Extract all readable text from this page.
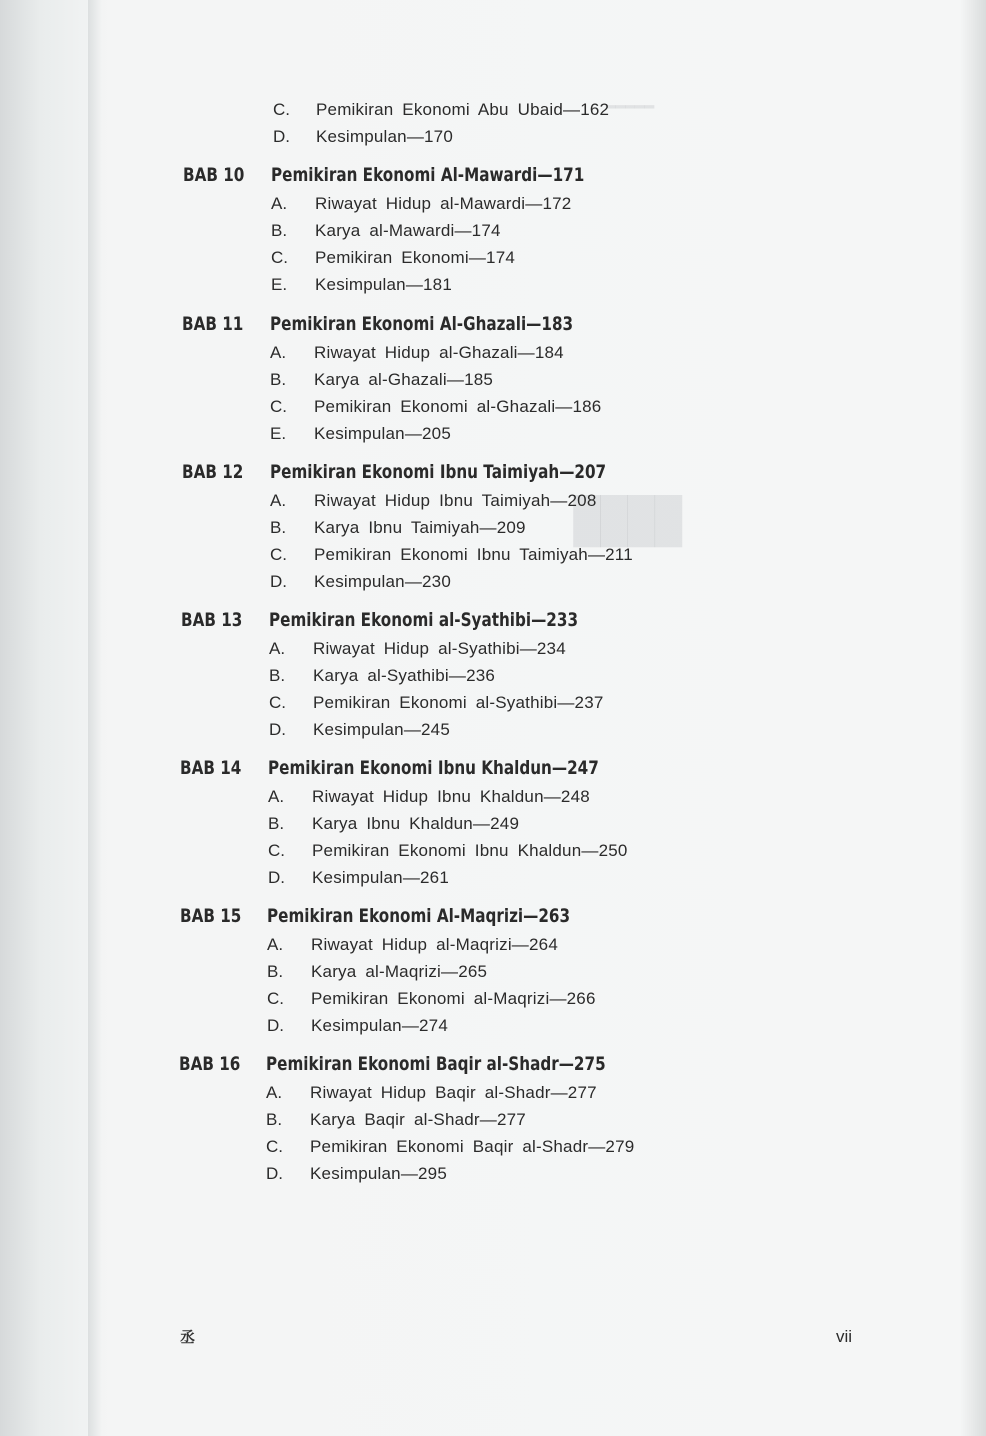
━━━━━
████
C. Pemikiran Ekonomi Abu Ubaid—162
D. Kesimpulan—170
BAB 10 Pemikiran Ekonomi Al-Mawardi—171
A. Riwayat Hidup al-Mawardi—172
B. Karya al-Mawardi—174
C. Pemikiran Ekonomi—174
E. Kesimpulan—181
BAB 11 Pemikiran Ekonomi Al-Ghazali—183
A. Riwayat Hidup al-Ghazali—184
B. Karya al-Ghazali—185
C. Pemikiran Ekonomi al-Ghazali—186
E. Kesimpulan—205
BAB 12 Pemikiran Ekonomi Ibnu Taimiyah—207
A. Riwayat Hidup Ibnu Taimiyah—208
B. Karya Ibnu Taimiyah—209
C. Pemikiran Ekonomi Ibnu Taimiyah—211
D. Kesimpulan—230
BAB 13 Pemikiran Ekonomi al-Syathibi—233
A. Riwayat Hidup al-Syathibi—234
B. Karya al-Syathibi—236
C. Pemikiran Ekonomi al-Syathibi—237
D. Kesimpulan—245
BAB 14 Pemikiran Ekonomi Ibnu Khaldun—247
A. Riwayat Hidup Ibnu Khaldun—248
B. Karya Ibnu Khaldun—249
C. Pemikiran Ekonomi Ibnu Khaldun—250
D. Kesimpulan—261
BAB 15 Pemikiran Ekonomi Al-Maqrizi—263
A. Riwayat Hidup al-Maqrizi—264
B. Karya al-Maqrizi—265
C. Pemikiran Ekonomi al-Maqrizi—266
D. Kesimpulan—274
BAB 16 Pemikiran Ekonomi Baqir al-Shadr—275
A. Riwayat Hidup Baqir al-Shadr—277
B. Karya Baqir al-Shadr—277
C. Pemikiran Ekonomi Baqir al-Shadr—279
D. Kesimpulan—295
丞	vii
